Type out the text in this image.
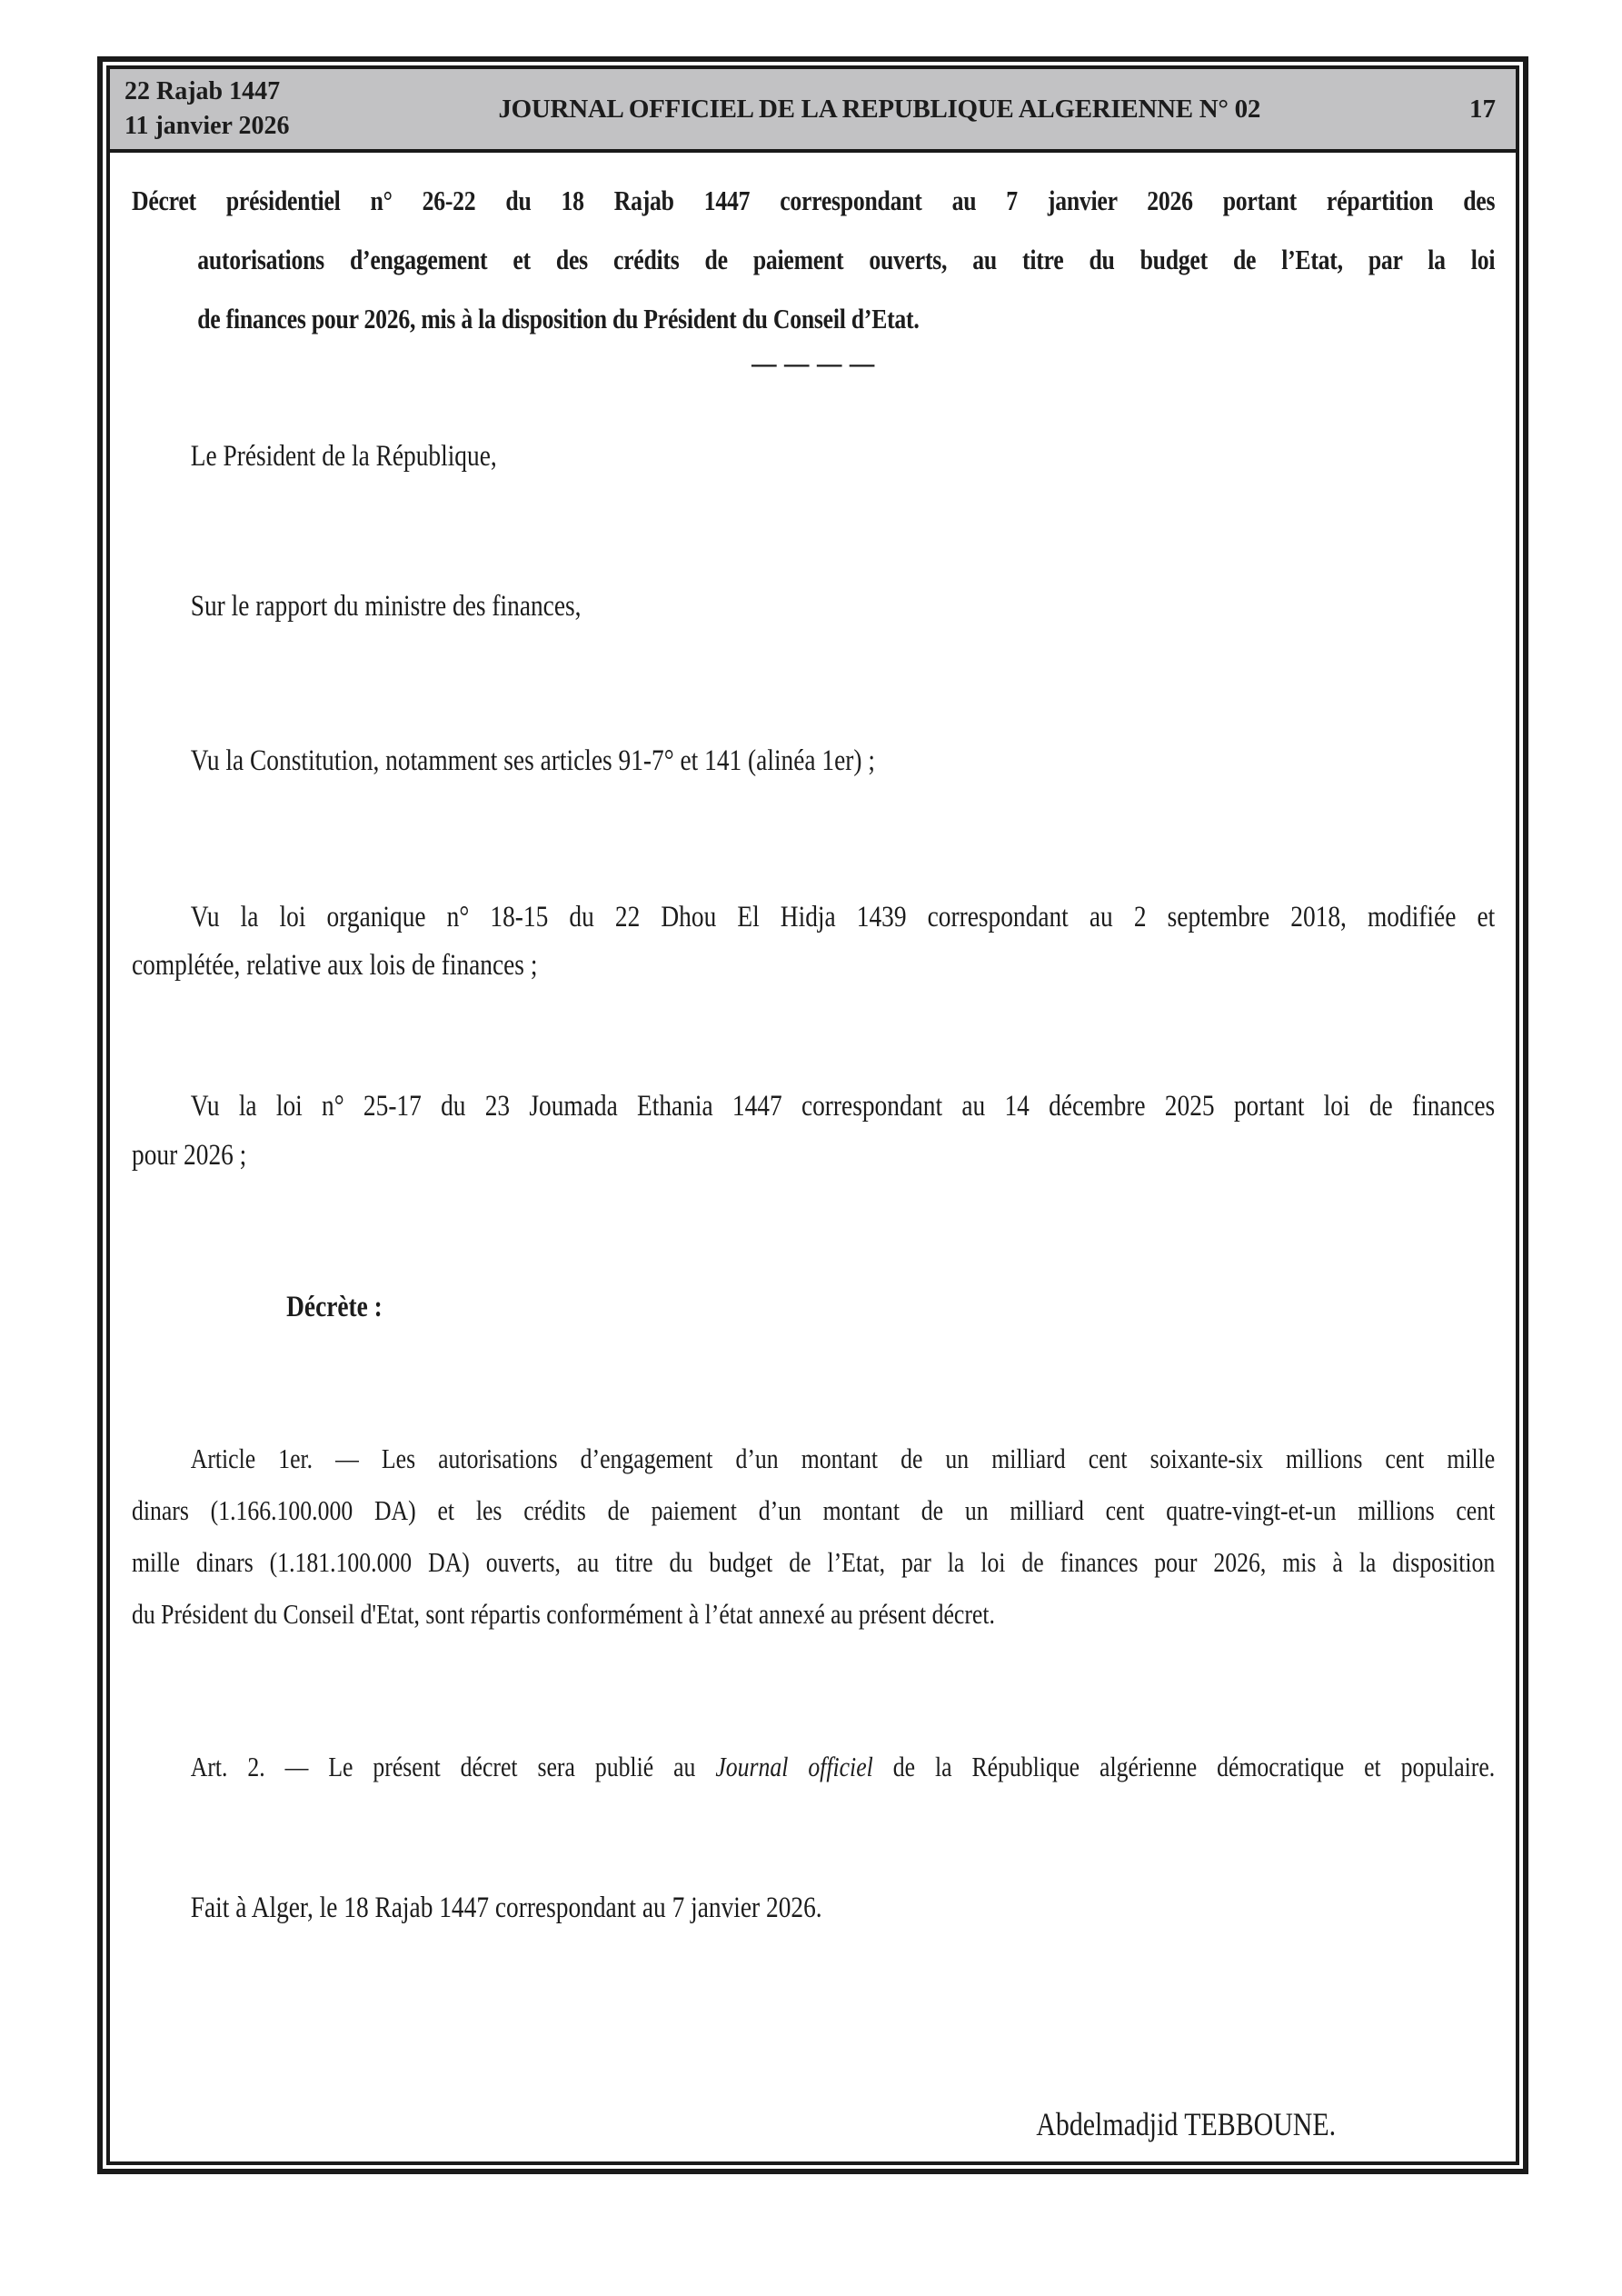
22 Rajab 1447
11 janvier 2026
JOURNAL OFFICIEL DE LA REPUBLIQUE ALGERIENNE N° 02	17
Décret présidentiel n° 26-22 du 18 Rajab 1447 correspondant au 7 janvier 2026 portant répartition des
autorisations d’engagement et des crédits de paiement ouverts, au titre du budget de l’Etat, par la loi
de finances pour 2026, mis à la disposition du Président du Conseil d’Etat.
— — — —
Le Président de la République,
Sur le rapport du ministre des finances,
Vu la Constitution, notamment ses articles 91-7° et 141 (alinéa 1er) ;
Vu la loi organique n° 18-15 du 22 Dhou El Hidja 1439 correspondant au 2 septembre 2018, modifiée et
complétée, relative aux lois de finances ;
Vu la loi n° 25-17 du 23 Joumada Ethania 1447 correspondant au 14 décembre 2025 portant loi de finances
pour 2026 ;
Décrète :
Article 1er. — Les autorisations d’engagement d’un montant de un milliard cent soixante-six millions cent mille
dinars (1.166.100.000 DA) et les crédits de paiement d’un montant de un milliard cent quatre-vingt-et-un millions cent
mille dinars (1.181.100.000 DA) ouverts, au titre du budget de l’Etat, par la loi de finances pour 2026, mis à la disposition
du Président du Conseil d'Etat, sont répartis conformément à l’état annexé au présent décret.
Art. 2. — Le présent décret sera publié au Journal officiel de la République algérienne démocratique et populaire.
Fait à Alger, le 18 Rajab 1447 correspondant au 7 janvier 2026.
Abdelmadjid TEBBOUNE.
